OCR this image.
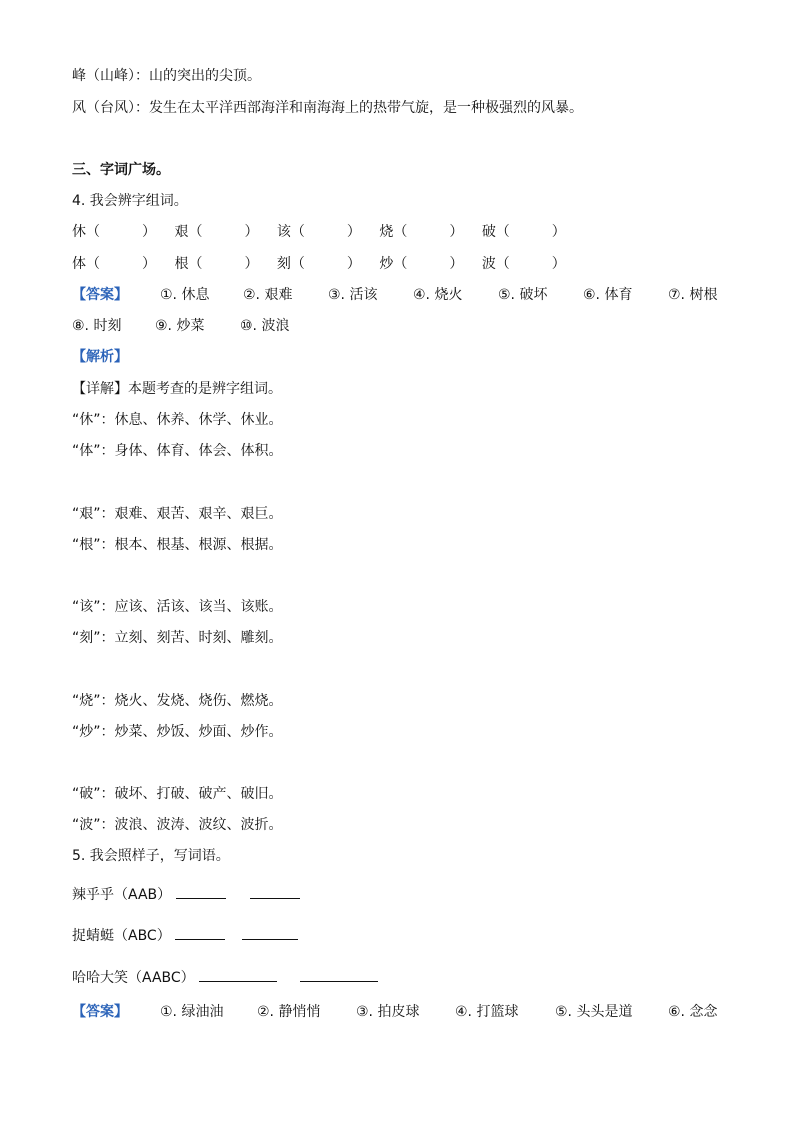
峰（山峰）：山的突出的尖顶。
风（台风）：发生在太平洋西部海洋和南海海上的热带气旋，是一种极强烈的风暴。
三、字词广场。
4. 我会辨字组词。
休（　　　） 艰（　　　） 该（　　　） 烧（　　　） 破（　　　）
体（　　　） 根（　　　） 刻（　　　） 炒（　　　） 波（　　　）
【答案】 ①. 休息 ②. 艰难	③. 活该	④. 烧火	⑤. 破坏	⑥. 体育	⑦. 树根
⑧. 时刻 ⑨. 炒菜	⑩. 波浪
【解析】
【详解】本题考查的是辨字组词。
“休”：休息、休养、休学、休业。
“体”：身体、体育、体会、体积。
“艰”：艰难、艰苦、艰辛、艰巨。
“根”：根本、根基、根源、根据。
“该”：应该、活该、该当、该账。
“刻”：立刻、刻苦、时刻、雕刻。
“烧”：烧火、发烧、烧伤、燃烧。
“炒”：炒菜、炒饭、炒面、炒作。
“破”：破坏、打破、破产、破旧。
“波”：波浪、波涛、波纹、波折。
5. 我会照样子，写词语。
辣乎乎（AAB）
捉蜻蜓（ABC）
哈哈大笑（AABC）
【答案】 ①. 绿油油 ②. 静悄悄	③. 拍皮球	④. 打篮球	⑤. 头头是道	⑥. 念念
